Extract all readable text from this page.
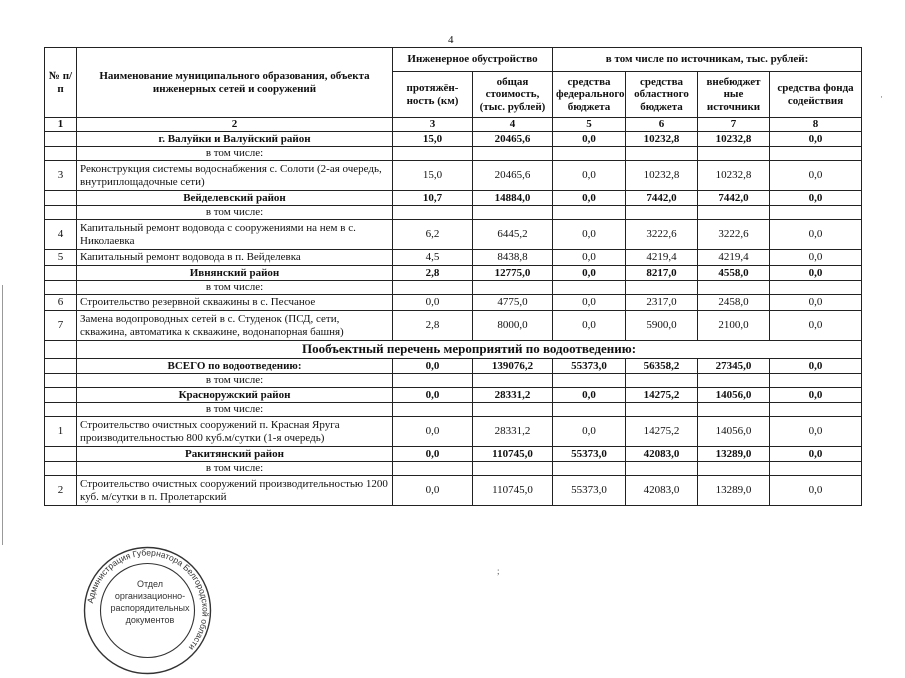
4
№ п/п	Наименование муниципального образования, объекта инженерных сетей и сооружений	Инженерное обустройство		в том числе по источникам, тыс. рублей:			
		протяжён-ность (км)	общая стоимость, (тыс. рублей)	средства федерального бюджета	средства областного бюджета	внебюджет ные источники	средства фонда содействия
1	2	3	4	5	6	7	8
	г. Валуйки и Валуйский район	15,0	20465,6	0,0	10232,8	10232,8	0,0
	в том числе:						
3	Реконструкция системы водоснабжения с. Солоти (2-ая очередь, внутриплощадочные сети)	15,0	20465,6	0,0	10232,8	10232,8	0,0
	Вейделевский район	10,7	14884,0	0,0	7442,0	7442,0	0,0
	в том числе:						
4	Капитальный ремонт водовода с сооружениями на нем в с. Николаевка	6,2	6445,2	0,0	3222,6	3222,6	0,0
5	Капитальный ремонт водовода в п. Вейделевка	4,5	8438,8	0,0	4219,4	4219,4	0,0
	Ивнянский район	2,8	12775,0	0,0	8217,0	4558,0	0,0
	в том числе:						
6	Строительство резервной скважины в с. Песчаное	0,0	4775,0	0,0	2317,0	2458,0	0,0
7	Замена водопроводных сетей в с. Студенок (ПСД, сети, скважина, автоматика к скважине, водонапорная башня)	2,8	8000,0	0,0	5900,0	2100,0	0,0
	Пообъектный перечень мероприятий по водоотведению:						
	ВСЕГО по водоотведению:	0,0	139076,2	55373,0	56358,2	27345,0	0,0
	в том числе:						
	Красноружский район	0,0	28331,2	0,0	14275,2	14056,0	0,0
	в том числе:						
1	Строительство очистных сооружений п. Красная Яруга производительностью 800 куб.м/сутки (1-я очередь)	0,0	28331,2	0,0	14275,2	14056,0	0,0
	Ракитянский район	0,0	110745,0	55373,0	42083,0	13289,0	0,0
	в том числе:						
2	Строительство очистных сооружений производительностью 1200 куб. м/сутки в п. Пролетарский	0,0	110745,0	55373,0	42083,0	13289,0	0,0
;
·
Администрация Губернатора Белгородской области
Отдел
организационно-
распорядительных
документов
